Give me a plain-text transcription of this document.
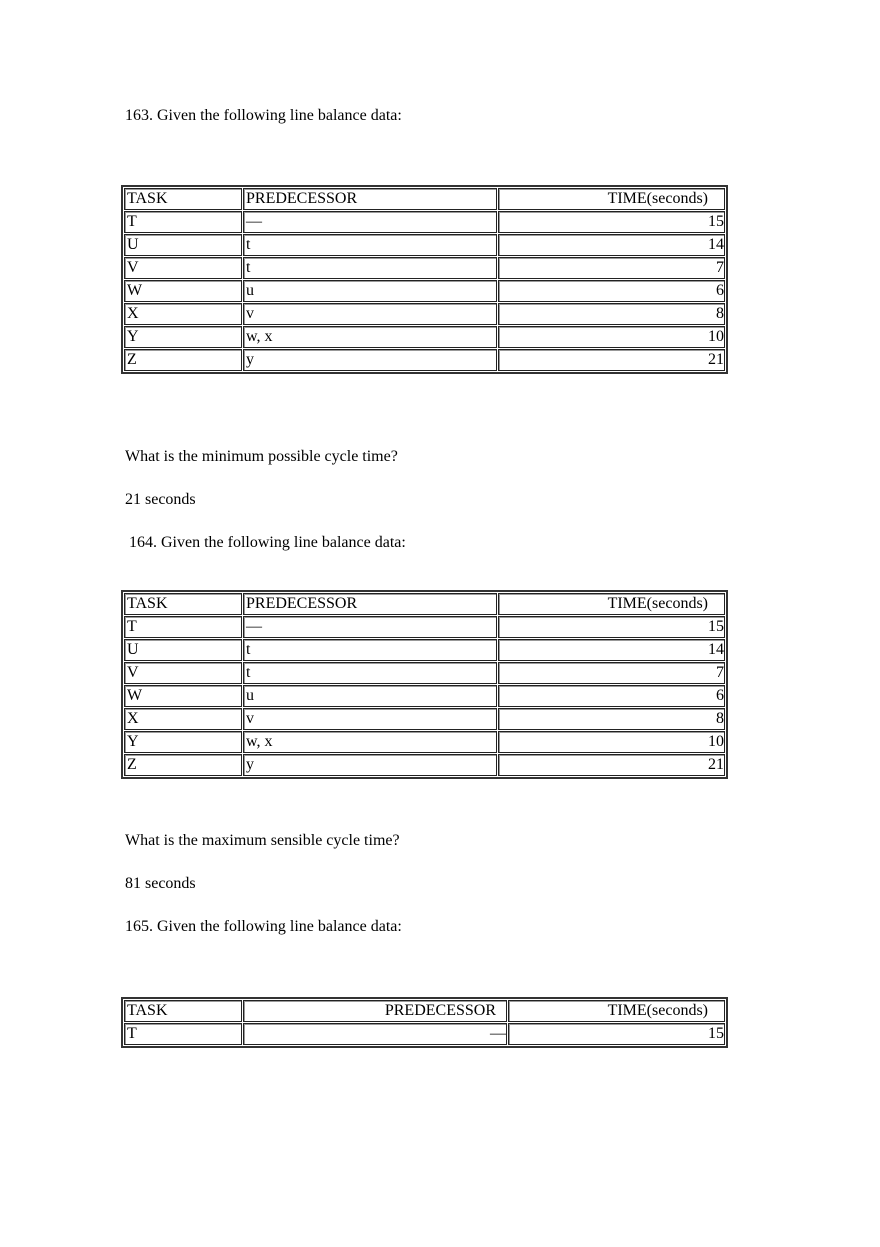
163. Given the following line balance data:
TASK	PREDECESSOR	TIME(seconds)
T	—	15
U	t	14
V	t	7
W	u	6
X	v	8
Y	w, x	10
Z	y	21
What is the minimum possible cycle time?
21 seconds
164. Given the following line balance data:
TASK	PREDECESSOR	TIME(seconds)
T	—	15
U	t	14
V	t	7
W	u	6
X	v	8
Y	w, x	10
Z	y	21
What is the maximum sensible cycle time?
81 seconds
165. Given the following line balance data:
TASK	PREDECESSOR	TIME(seconds)
T	—	15
